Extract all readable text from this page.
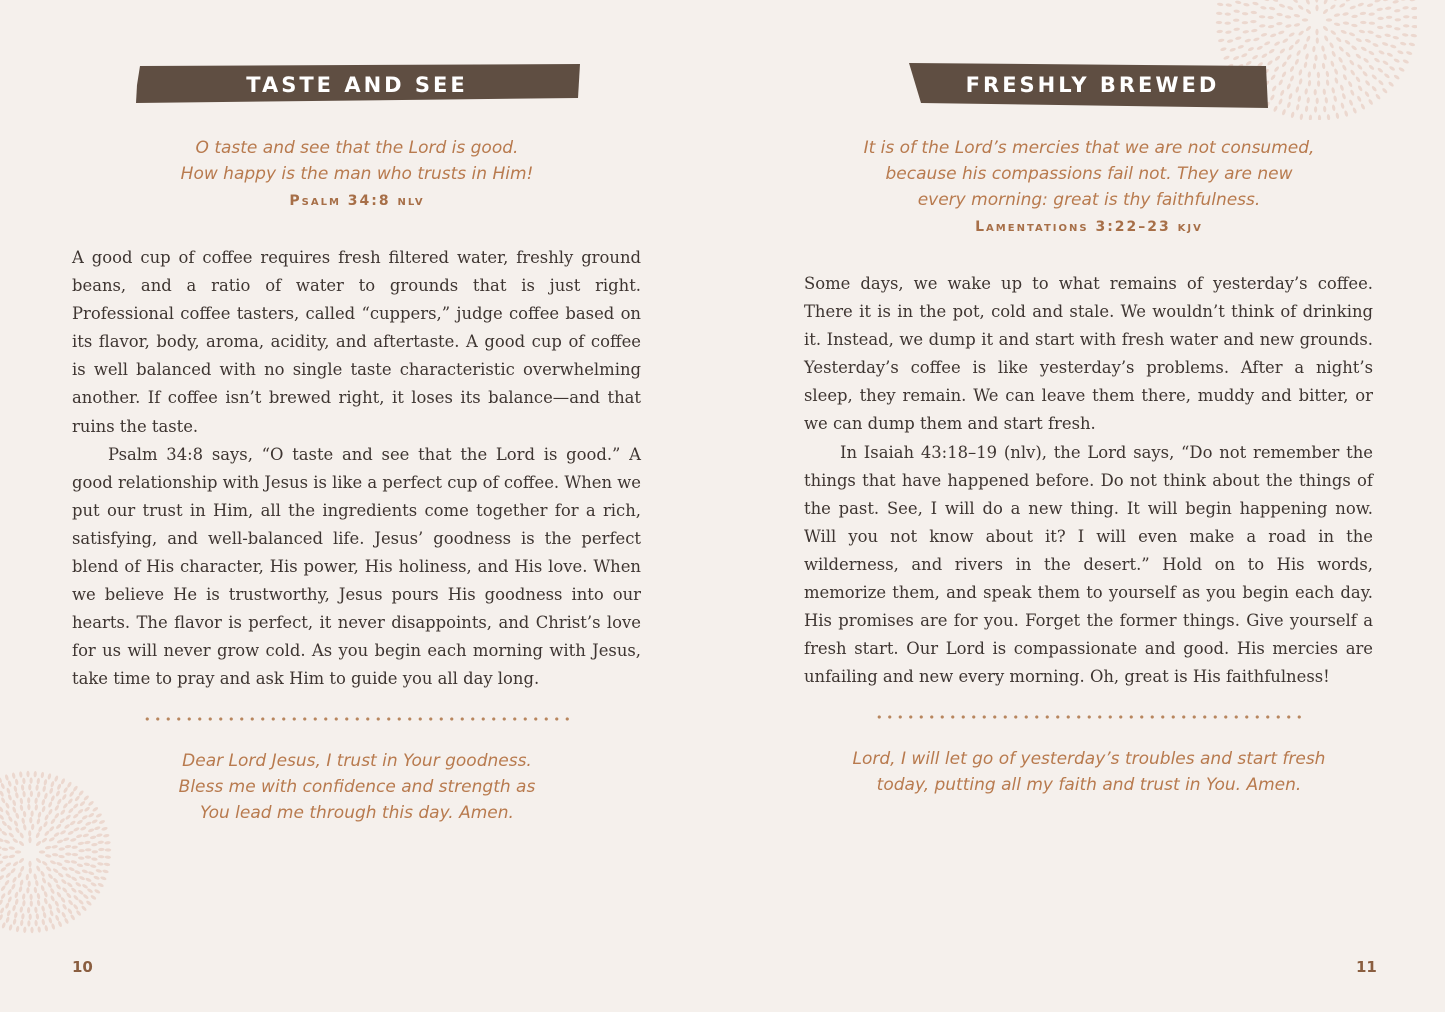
TASTE AND SEE
O taste and see that the Lord is good.
How happy is the man who trusts in Him!
Psalm 34:8 nlv

A good cup of coffee requires fresh filtered water, freshly ground beans, and a ratio of water to grounds that is just right. Professional coffee tasters, called “cuppers,” judge coffee based on its flavor, body, aroma, acidity, and aftertaste. A good cup of coffee is well balanced with no single taste characteristic overwhelming another. If coffee isn’t brewed right, it loses its balance—and that ruins the taste.

Psalm 34:8 says, “O taste and see that the Lord is good.” A good relationship with Jesus is like a perfect cup of coffee. When we put our trust in Him, all the ingredients come together for a rich, satisfying, and well-balanced life. Jesus’ goodness is the perfect blend of His character, His power, His holiness, and His love. When we believe He is trustworthy, Jesus pours His goodness into our hearts. The flavor is perfect, it never disappoints, and Christ’s love for us will never grow cold. As you begin each morning with Jesus, take time to pray and ask Him to guide you all day long.

Dear Lord Jesus, I trust in Your goodness.
Bless me with confidence and strength as
You lead me through this day. Amen.
10
FRESHLY BREWED
It is of the Lord’s mercies that we are not consumed,
because his compassions fail not. They are new
every morning: great is thy faithfulness.
Lamentations 3:22–23 kjv

Some days, we wake up to what remains of yesterday’s coffee. There it is in the pot, cold and stale. We wouldn’t think of drinking it. Instead, we dump it and start with fresh water and new grounds. Yesterday’s coffee is like yesterday’s problems. After a night’s sleep, they remain. We can leave them there, muddy and bitter, or we can dump them and start fresh.

In Isaiah 43:18–19 (nlv), the Lord says, “Do not remember the things that have happened before. Do not think about the things of the past. See, I will do a new thing. It will begin happening now. Will you not know about it? I will even make a road in the wilderness, and rivers in the desert.” Hold on to His words, memorize them, and speak them to yourself as you begin each day. His promises are for you. Forget the former things. Give yourself a fresh start. Our Lord is compassionate and good. His mercies are unfailing and new every morning. Oh, great is His faithfulness!

Lord, I will let go of yesterday’s troubles and start fresh
today, putting all my faith and trust in You. Amen.
11
